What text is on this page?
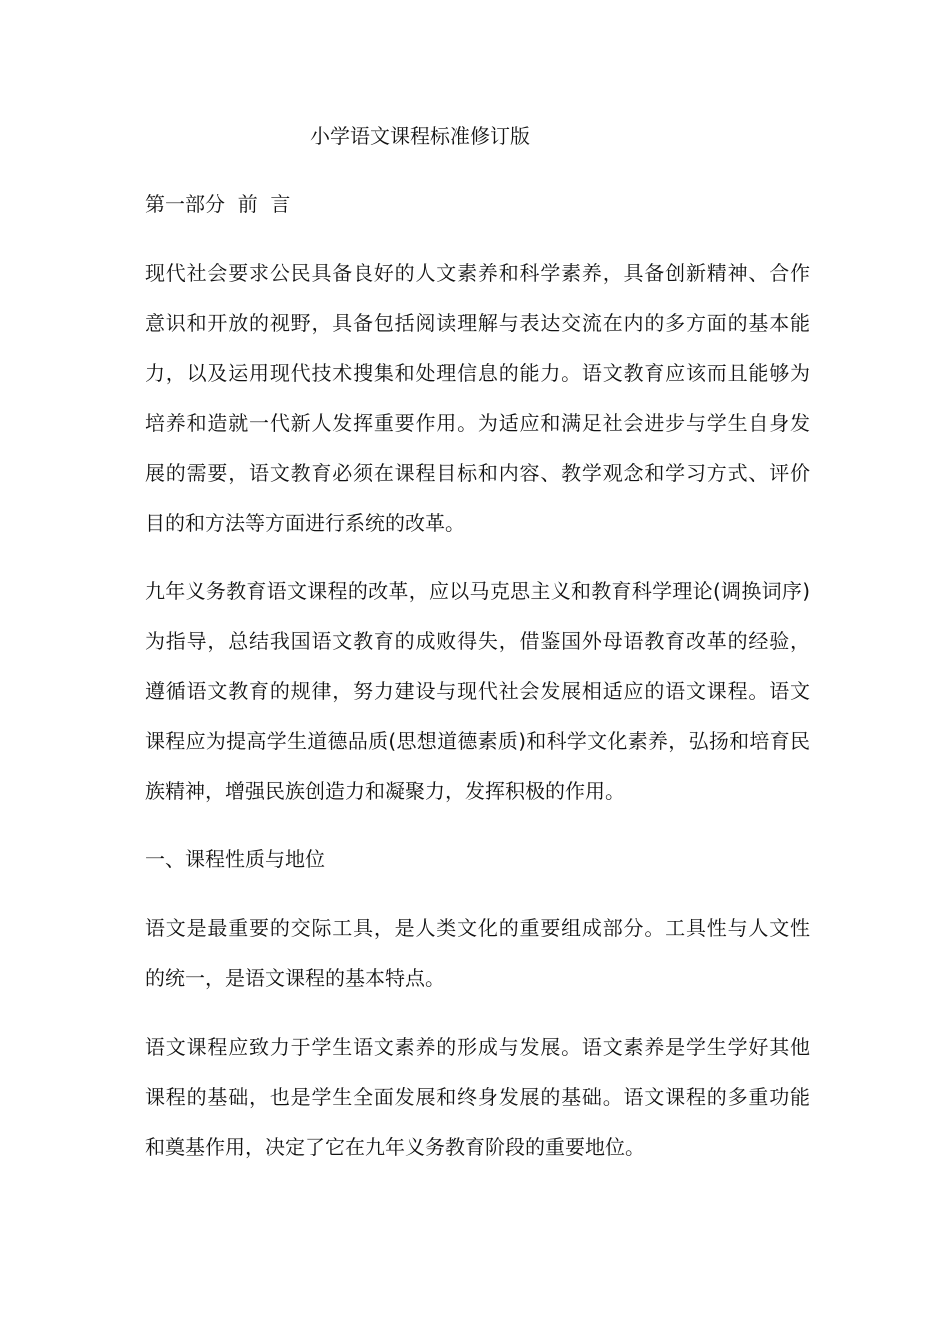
小学语文课程标准修订版
第一部分  前  言
现代社会要求公民具备良好的人文素养和科学素养，具备创新精神、合作
意识和开放的视野，具备包括阅读理解与表达交流在内的多方面的基本能
力，以及运用现代技术搜集和处理信息的能力。语文教育应该而且能够为
培养和造就一代新人发挥重要作用。为适应和满足社会进步与学生自身发
展的需要，语文教育必须在课程目标和内容、教学观念和学习方式、评价
目的和方法等方面进行系统的改革。
九年义务教育语文课程的改革，应以马克思主义和教育科学理论(调换词序)
为指导，总结我国语文教育的成败得失，借鉴国外母语教育改革的经验，
遵循语文教育的规律，努力建设与现代社会发展相适应的语文课程。语文
课程应为提高学生道德品质(思想道德素质)和科学文化素养，弘扬和培育民
族精神，增强民族创造力和凝聚力，发挥积极的作用。
一、课程性质与地位
语文是最重要的交际工具，是人类文化的重要组成部分。工具性与人文性
的统一，是语文课程的基本特点。
语文课程应致力于学生语文素养的形成与发展。语文素养是学生学好其他
课程的基础，也是学生全面发展和终身发展的基础。语文课程的多重功能
和奠基作用，决定了它在九年义务教育阶段的重要地位。
